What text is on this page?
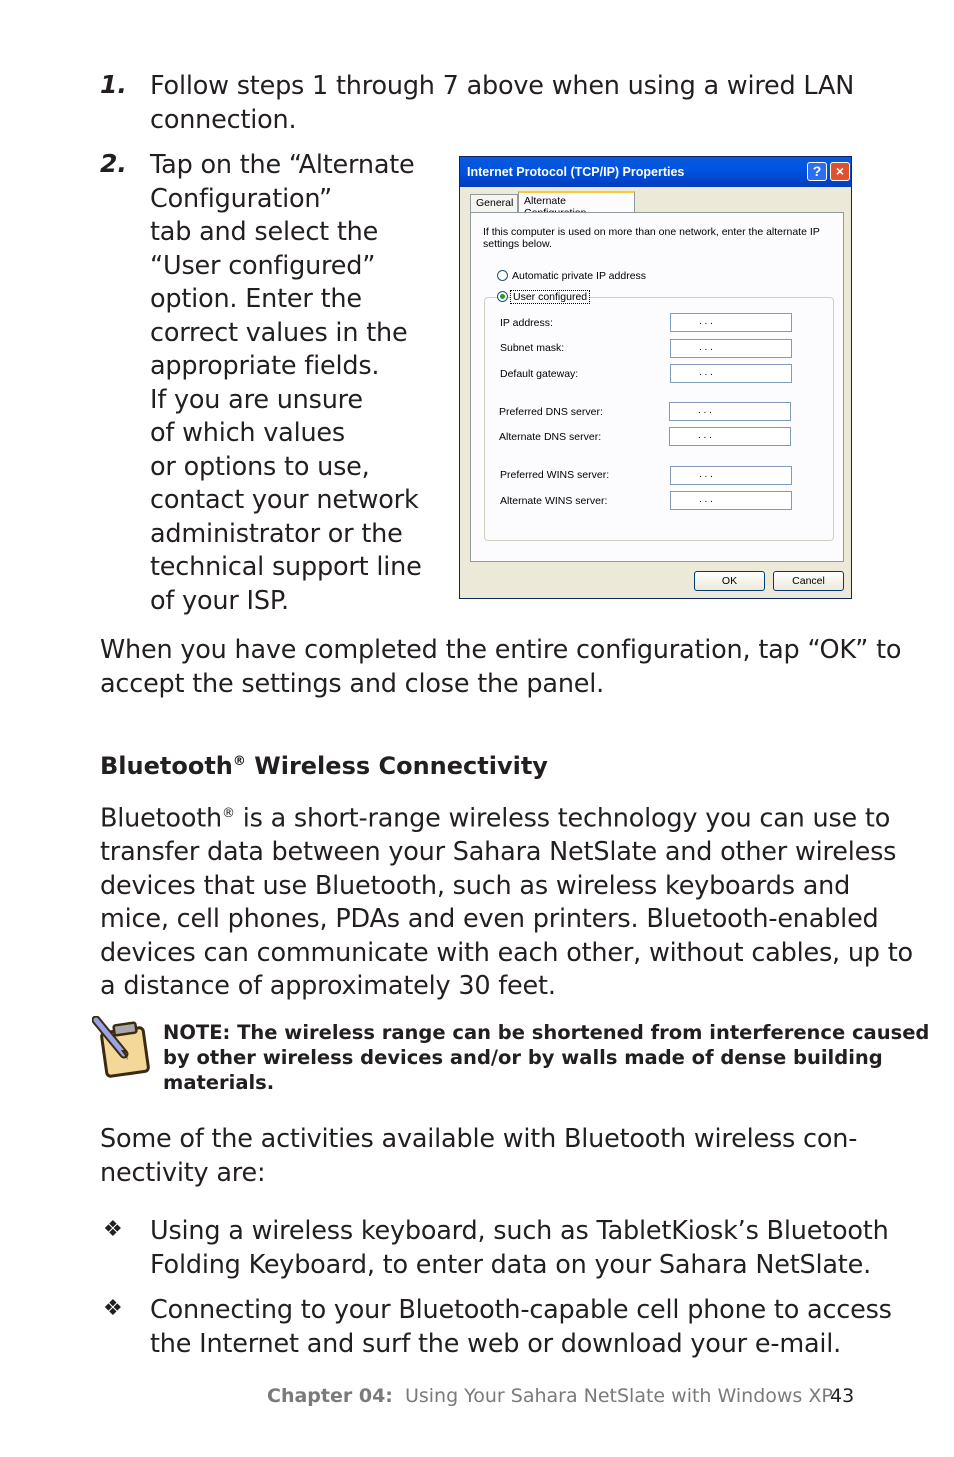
1. Follow steps 1 through 7 above when using a wired LAN
connection.
2. Tap on the “Alternate
Configuration”
tab and select the
“User configured”
option. Enter the
correct values in the
appropriate fields.
If you are unsure
of which values
or options to use,
contact your network
administrator or the
technical support line
of your ISP.
Internet Protocol (TCP/IP) Properties	?	×
General	Alternate
If this computer is used on more than one network, enter the alternate IP
settings below.
Automatic private IP address
User configured
IP address:	. . .
Subnet mask:	. . .
Default gateway:	. . .
Preferred DNS server:	. . .
Alternate DNS server:	. . .
Preferred WINS server:	. . .
Alternate WINS server:	. . .
OK	Cancel
When you have completed the entire configuration, tap “OK” to
accept the settings and close the panel.
Bluetooth® Wireless Connectivity
Bluetooth® is a short-range wireless technology you can use to
transfer data between your Sahara NetSlate and other wireless
devices that use Bluetooth, such as wireless keyboards and
mice, cell phones, PDAs and even printers. Bluetooth-enabled
devices can communicate with each other, without cables, up to
a distance of approximately 30 feet.
NOTE: The wireless range can be shortened from interference caused
by other wireless devices and/or by walls made of dense building
materials.
Some of the activities available with Bluetooth wireless con-
nectivity are:
❖ Using a wireless keyboard, such as TabletKiosk’s Bluetooth
Folding Keyboard, to enter data on your Sahara NetSlate.
❖ Connecting to your Bluetooth-capable cell phone to access
the Internet and surf the web or download your e-mail.
Chapter 04: Using Your Sahara NetSlate with Windows XP
43
